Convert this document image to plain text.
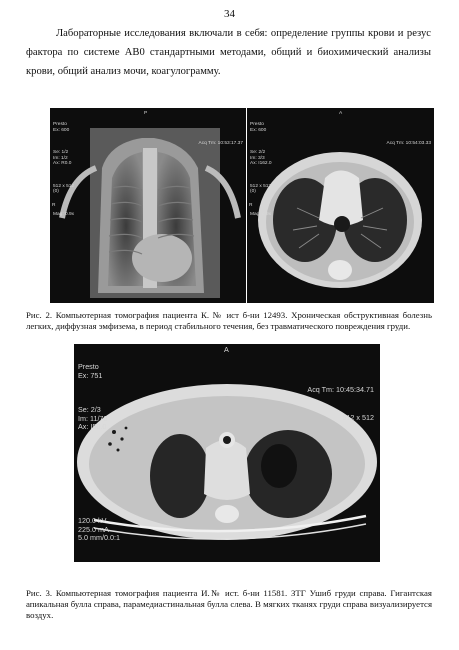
34
Лабораторные исследования включали в себя: определение группы крови и резус фактора по системе АВ0 стандартными методами, общий и биохимический анализы крови, общий анализ мочи, коагулограмму.

Presto
Ex: 600

Se: 1/2
Im: 1/2
Ax: R0.0

512 x 512
(0)

Mag: 0.9x

P
R
Acq Tm: 10:53:17.37

Presto
Ex: 600

Se: 2/2
Im: 3/3
Ax: I162.0

512 x 512
(0)

Mag: 0.9x

A
R
Acq Tm: 10:54:03.33
Рис. 2. Компьютерная томография пациента К. № ист б-ни 12493. Хроническая обструктивная болезнь легких, диффузная эмфизема, в период стабильного течения, без травматического повреждения груди.

Presto
Ex: 751

Se: 2/3
Im: 11/70
Ax: I50.0

A
L
Acq Tm: 10:45:34.71
512 x 512

120.0 kV
225.0 mA
5.0 mm/0.0:1

Рис. 3. Компьютерная томография пациента И.№ ист. б-ни 11581. ЗТГ Ушиб груди справа. Гигантская апикальная булла справа, парамедиастинальная булла слева. В мягких тканях груди справа визуализируется воздух.
